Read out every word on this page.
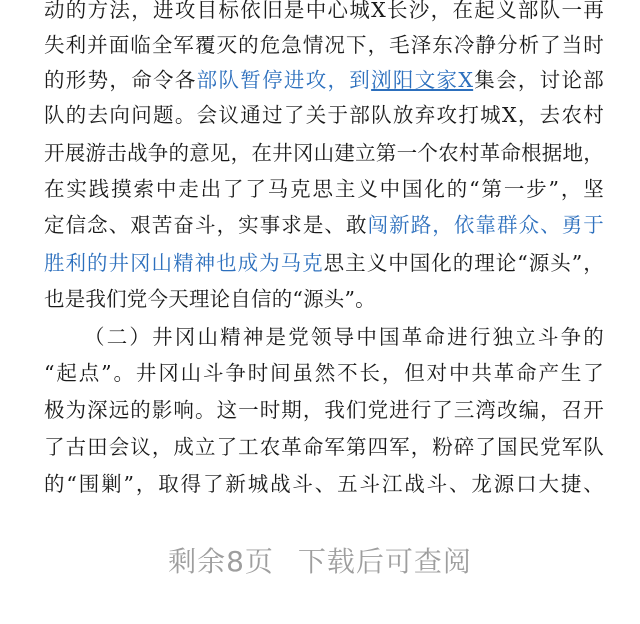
动的方法，进攻目标依旧是中心城X长沙，在起义部队一再
失利并面临全军覆灭的危急情况下，毛泽东冷静分析了当时
的形势，命令各部队暂停进攻，到浏阳文家X集会，讨论部
队的去向问题。会议通过了关于部队放弃攻打城X，去农村
开展游击战争的意见，在井冈山建立第一个农村革命根据地，
在实践摸索中走出了了马克思主义中国化的“第一步”，坚
定信念、艰苦奋斗，实事求是、敢闯新路，依靠群众、勇于
胜利的井冈山精神也成为马克思主义中国化的理论“源头”，
也是我们党今天理论自信的“源头”。
（二）井冈山精神是党领导中国革命进行独立斗争的
“起点”。井冈山斗争时间虽然不长，但对中共革命产生了
极为深远的影响。这一时期，我们党进行了三湾改编，召开
了古田会议，成立了工农革命军第四军，粉碎了国民党军队
的“围剿”，取得了新城战斗、五斗江战斗、龙源口大捷、
剩余8页 下载后可查阅
